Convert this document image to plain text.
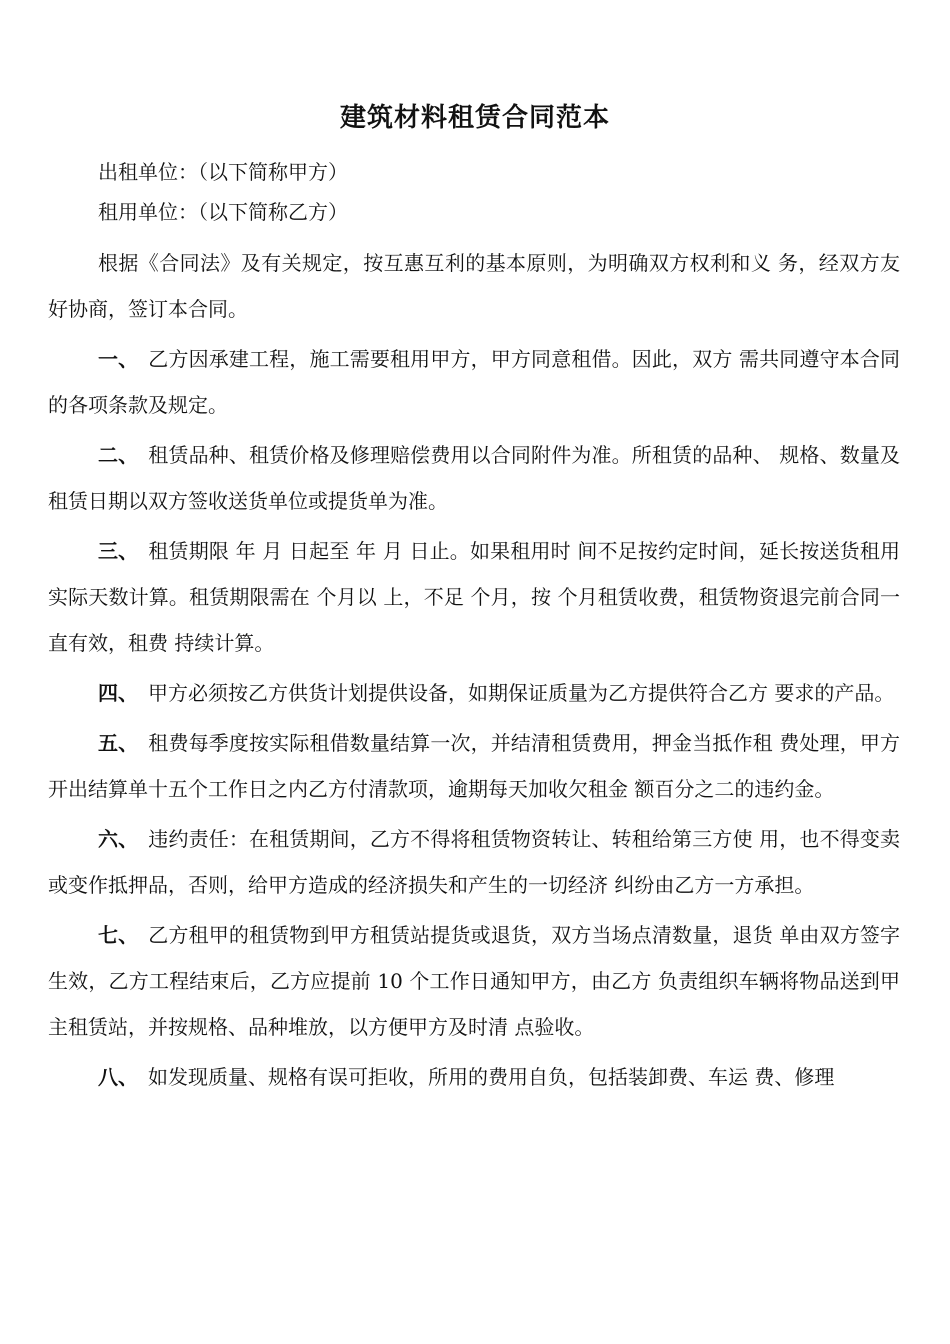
建筑材料租赁合同范本

出租单位：（以下简称甲方）

租用单位：（以下简称乙方）

根据《合同法》及有关规定，按互惠互利的基本原则，为明确双方权利和义 务，经双方友好协商，签订本合同。

一、 乙方因承建工程，施工需要租用甲方，甲方同意租借。因此，双方 需共同遵守本合同的各项条款及规定。

二、 租赁品种、租赁价格及修理赔偿费用以合同附件为准。所租赁的品种、 规格、数量及租赁日期以双方签收送货单位或提货单为准。

三、 租赁期限 年 月 日起至 年 月 日止。如果租用时 间不足按约定时间，延长按送货租用实际天数计算。租赁期限需在 个月以 上，不足 个月，按 个月租赁收费，租赁物资退完前合同一直有效，租费 持续计算。

四、 甲方必须按乙方供货计划提供设备，如期保证质量为乙方提供符合乙方 要求的产品。

五、 租费每季度按实际租借数量结算一次，并结清租赁费用，押金当抵作租 费处理，甲方开出结算单十五个工作日之内乙方付清款项，逾期每天加收欠租金 额百分之二的违约金。

六、 违约责任：在租赁期间，乙方不得将租赁物资转让、转租给第三方使 用，也不得变卖或变作抵押品，否则，给甲方造成的经济损失和产生的一切经济 纠纷由乙方一方承担。

七、 乙方租甲的租赁物到甲方租赁站提货或退货，双方当场点清数量，退货 单由双方签字生效，乙方工程结束后，乙方应提前 10 个工作日通知甲方，由乙方 负责组织车辆将物品送到甲主租赁站，并按规格、品种堆放，以方便甲方及时清 点验收。

八、 如发现质量、规格有误可拒收，所用的费用自负，包括装卸费、车运 费、修理
